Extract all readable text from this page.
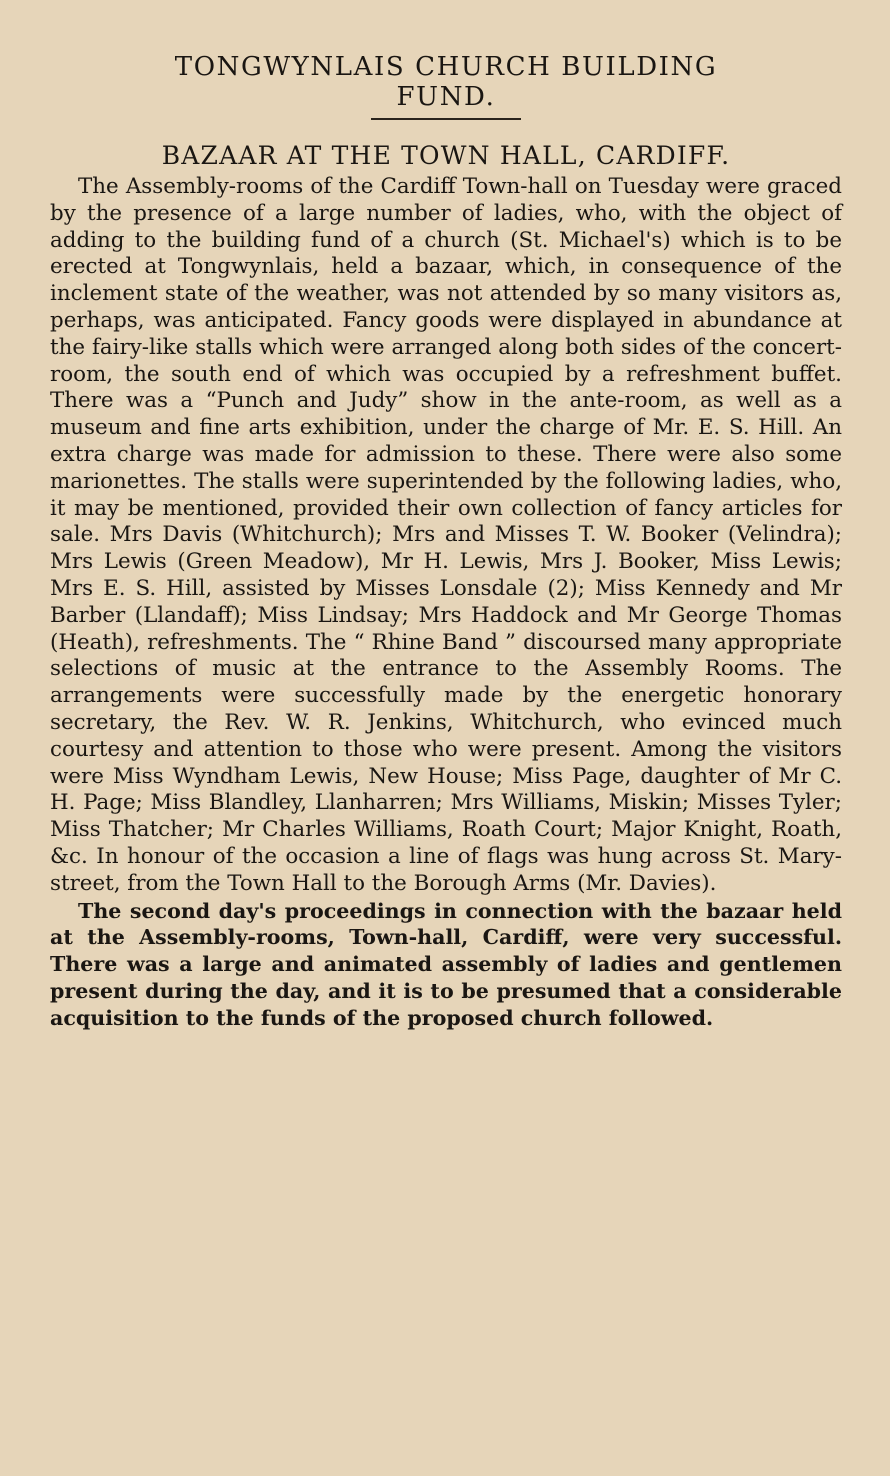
TONGWYNLAIS CHURCH BUILDING
FUND.
BAZAAR AT THE TOWN HALL, CARDIFF.

The Assembly-rooms of the Cardiff Town-hall on Tuesday were graced by the presence of a large number of ladies, who, with the object of adding to the building fund of a church (St. Michael's) which is to be erected at Tongwynlais, held a bazaar, which, in consequence of the inclement state of the weather, was not attended by so many visitors as, perhaps, was anticipated. Fancy goods were displayed in abundance at the fairy-like stalls which were arranged along both sides of the concert-room, the south end of which was occupied by a refreshment buffet. There was a “Punch and Judy” show in the ante-room, as well as a museum and fine arts exhibition, under the charge of Mr. E. S. Hill. An extra charge was made for admission to these. There were also some marionettes. The stalls were superintended by the following ladies, who, it may be mentioned, provided their own collection of fancy articles for sale. Mrs Davis (Whitchurch); Mrs and Misses T. W. Booker (Velindra); Mrs Lewis (Green Meadow), Mr H. Lewis, Mrs J. Booker, Miss Lewis; Mrs E. S. Hill, assisted by Misses Lonsdale (2); Miss Kennedy and Mr Barber (Llandaff); Miss Lindsay; Mrs Haddock and Mr George Thomas (Heath), refreshments. The “ Rhine Band ” discoursed many appropriate selections of music at the entrance to the Assembly Rooms. The arrangements were successfully made by the energetic honorary secretary, the Rev. W. R. Jenkins, Whitchurch, who evinced much courtesy and attention to those who were present. Among the visitors were Miss Wyndham Lewis, New House; Miss Page, daughter of Mr C. H. Page; Miss Blandley, Llanharren; Mrs Williams, Miskin; Misses Tyler; Miss Thatcher; Mr Charles Williams, Roath Court; Major Knight, Roath, &c. In honour of the occasion a line of flags was hung across St. Mary-street, from the Town Hall to the Borough Arms (Mr. Davies).

The second day's proceedings in connection with the bazaar held at the Assembly-rooms, Town-hall, Cardiff, were very successful. There was a large and animated assembly of ladies and gentlemen present during the day, and it is to be presumed that a considerable acquisition to the funds of the proposed church followed.
